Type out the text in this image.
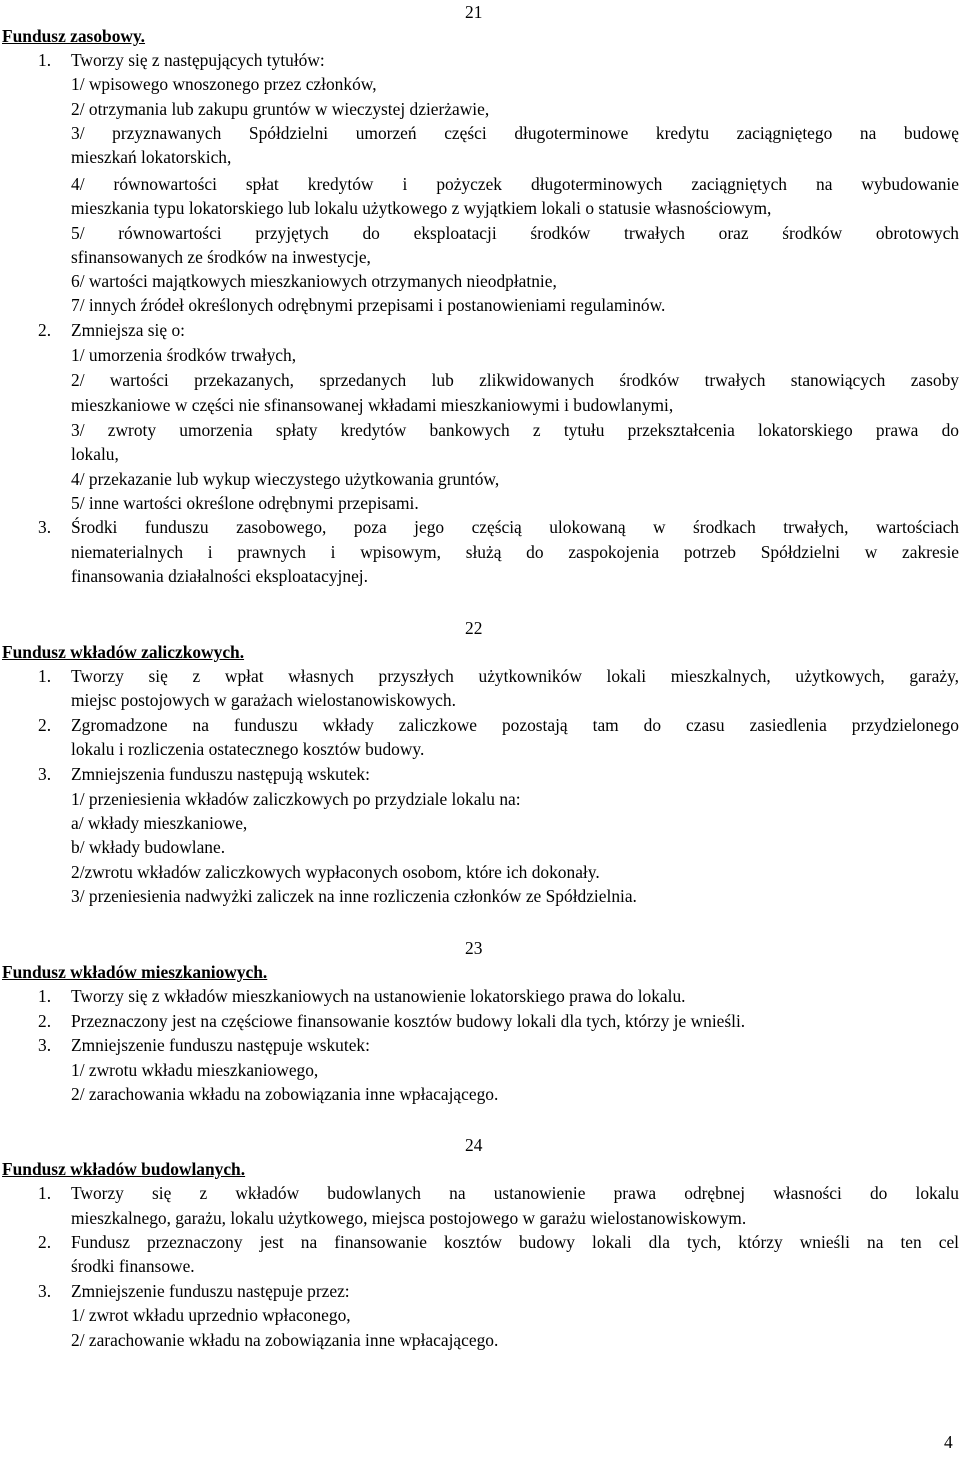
21
Fundusz zasobowy.
1. Tworzy się z następujących tytułów:
1/ wpisowego wnoszonego przez członków,
2/ otrzymania lub zakupu gruntów w wieczystej dzierżawie,
3/ przyznawanych Spółdzielni umorzeń części długoterminowe kredytu zaciągniętego na budowę
mieszkań lokatorskich,
4/ równowartości spłat kredytów i pożyczek długoterminowych zaciągniętych na wybudowanie
mieszkania typu lokatorskiego lub lokalu użytkowego z wyjątkiem lokali o statusie własnościowym,
5/ równowartości przyjętych do eksploatacji środków trwałych oraz środków obrotowych
sfinansowanych ze środków na inwestycje,
6/ wartości majątkowych mieszkaniowych otrzymanych nieodpłatnie,
7/ innych źródeł określonych odrębnymi przepisami i postanowieniami regulaminów.
2. Zmniejsza się o:
1/ umorzenia środków trwałych,
2/ wartości przekazanych, sprzedanych lub zlikwidowanych środków trwałych stanowiących zasoby
mieszkaniowe w części nie sfinansowanej wkładami mieszkaniowymi i budowlanymi,
3/ zwroty umorzenia spłaty kredytów bankowych z tytułu przekształcenia lokatorskiego prawa do
lokalu,
4/ przekazanie lub wykup wieczystego użytkowania gruntów,
5/ inne wartości określone odrębnymi przepisami.
3. Środki funduszu zasobowego, poza jego częścią ulokowaną w środkach trwałych, wartościach
niematerialnych i prawnych i wpisowym, służą do zaspokojenia potrzeb Spółdzielni w zakresie
finansowania działalności eksploatacyjnej.
22
Fundusz wkładów zaliczkowych.
1. Tworzy się z wpłat własnych przyszłych użytkowników lokali mieszkalnych, użytkowych, garaży,
miejsc postojowych w garażach wielostanowiskowych.
2. Zgromadzone na funduszu wkłady zaliczkowe pozostają tam do czasu zasiedlenia przydzielonego
lokalu i rozliczenia ostatecznego kosztów budowy.
3. Zmniejszenia funduszu następują wskutek:
1/ przeniesienia wkładów zaliczkowych po przydziale lokalu na:
a/ wkłady mieszkaniowe,
b/ wkłady budowlane.
2/zwrotu wkładów zaliczkowych wypłaconych osobom, które ich dokonały.
3/ przeniesienia nadwyżki zaliczek na inne rozliczenia członków ze Spółdzielnia.
23
Fundusz wkładów mieszkaniowych.
1. Tworzy się z wkładów mieszkaniowych na ustanowienie lokatorskiego prawa do lokalu.
2. Przeznaczony jest na częściowe finansowanie kosztów budowy lokali dla tych, którzy je wnieśli.
3. Zmniejszenie funduszu następuje wskutek:
1/ zwrotu wkładu mieszkaniowego,
2/ zarachowania wkładu na zobowiązania inne wpłacającego.
24
Fundusz wkładów budowlanych.
1. Tworzy się z wkładów budowlanych na ustanowienie prawa odrębnej własności do lokalu
mieszkalnego, garażu, lokalu użytkowego, miejsca postojowego w garażu wielostanowiskowym.
2. Fundusz przeznaczony jest na finansowanie kosztów budowy lokali dla tych, którzy wnieśli na ten cel
środki finansowe.
3. Zmniejszenie funduszu następuje przez:
1/ zwrot wkładu uprzednio wpłaconego,
2/ zarachowanie wkładu na zobowiązania inne wpłacającego.
4
